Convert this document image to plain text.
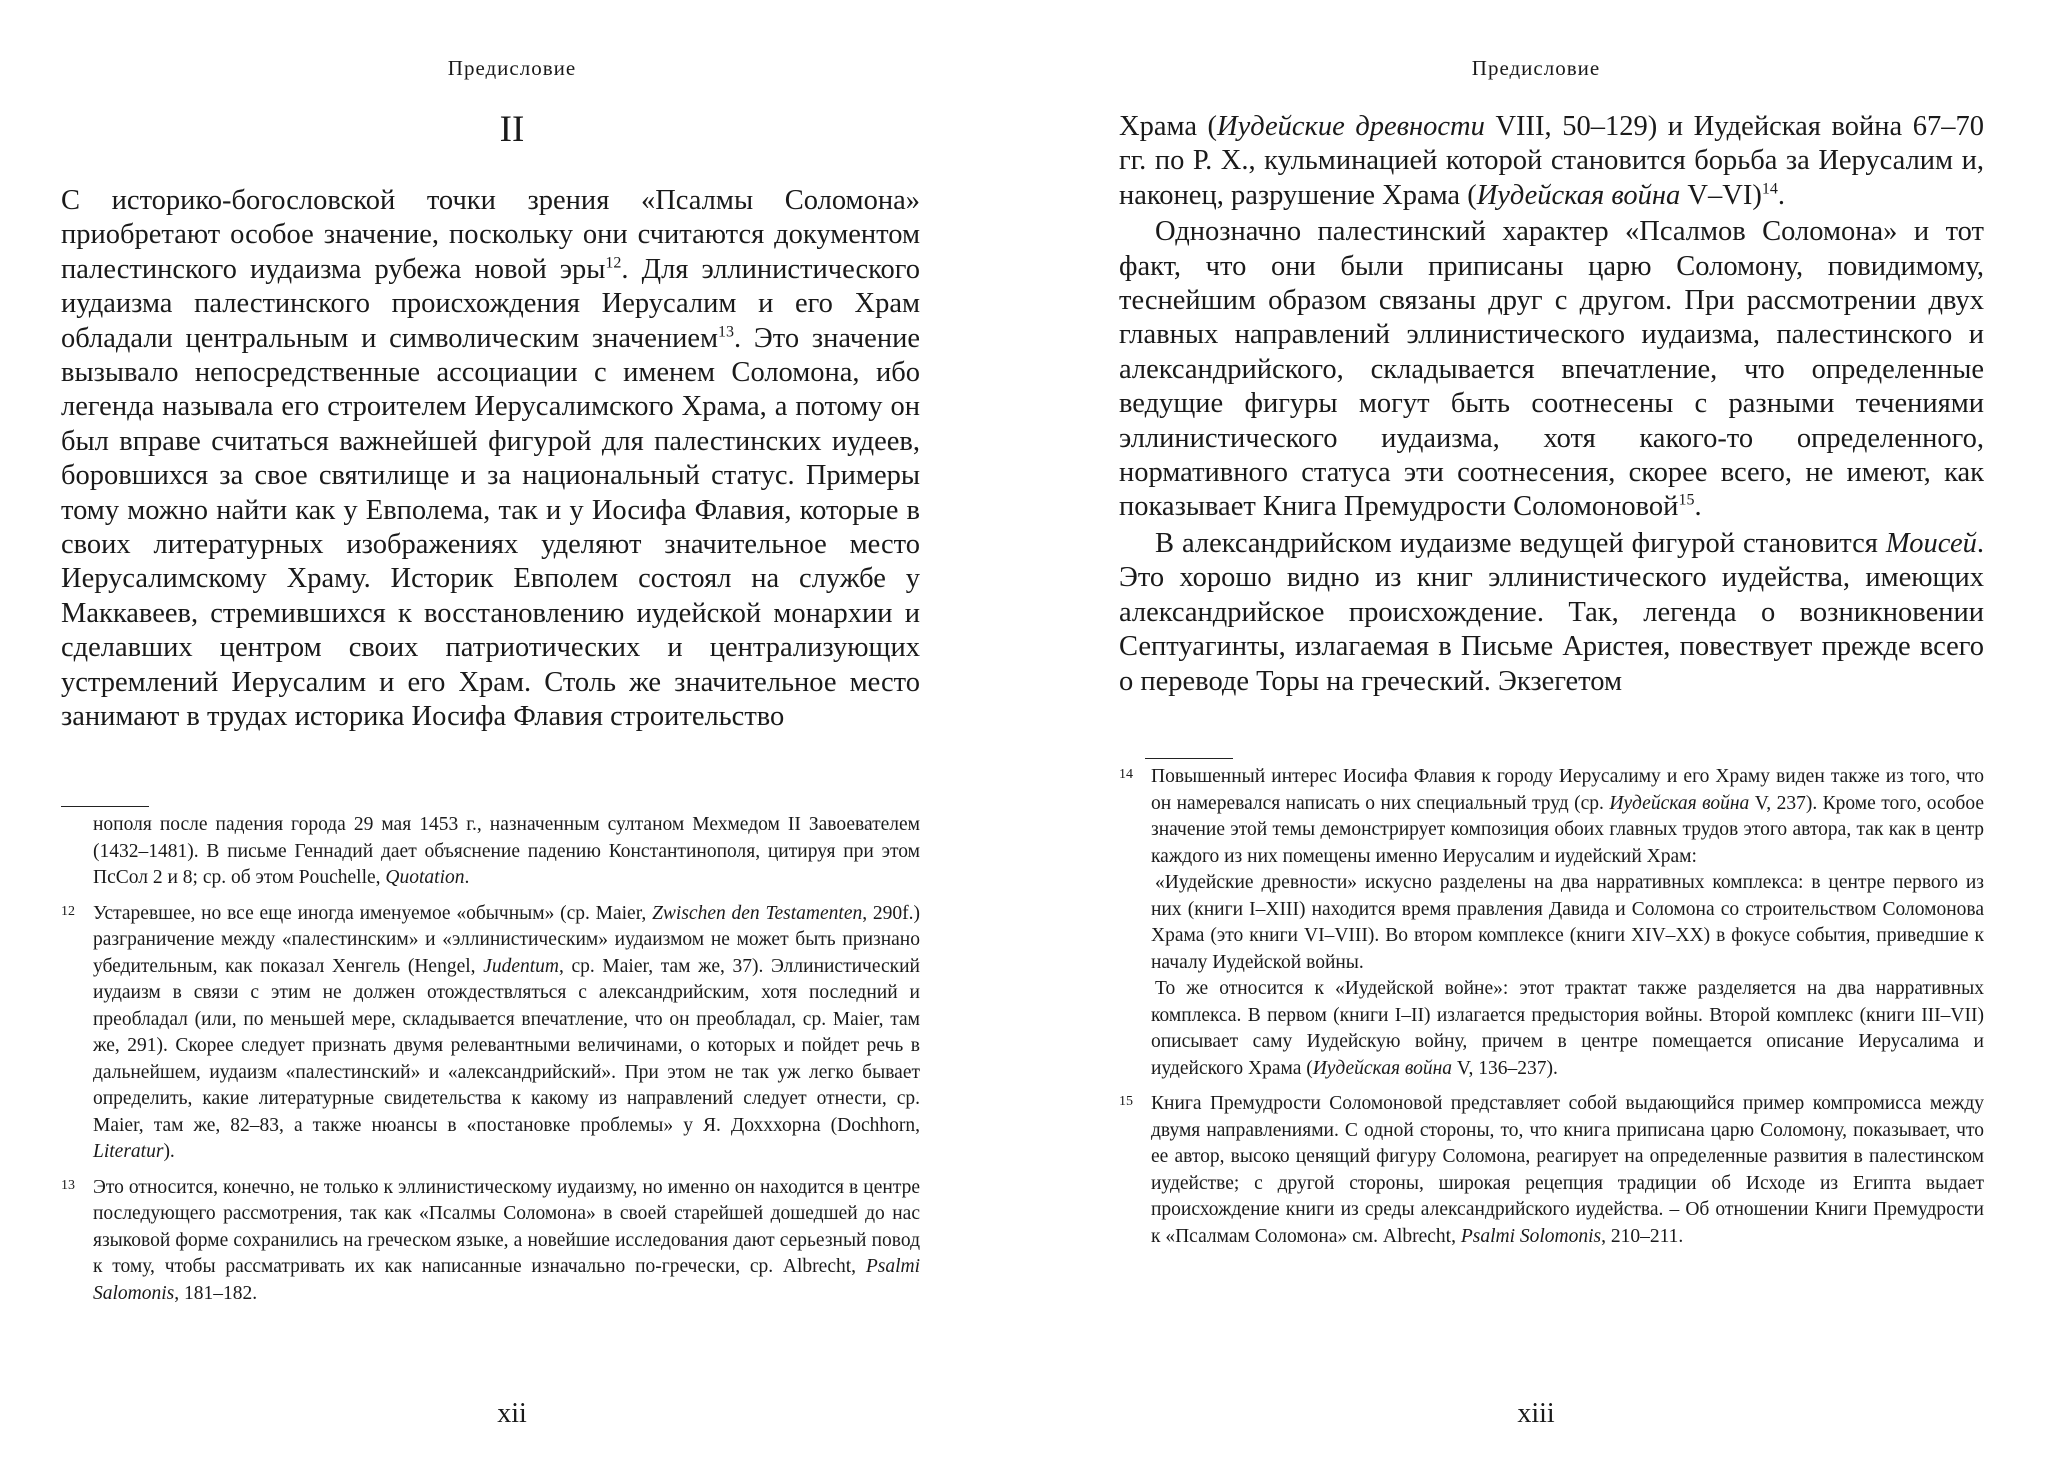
Предисловие
II

С историко-богословской точки зрения «Псалмы Соломона» приобретают особое значение, поскольку они считаются документом палестинского иудаизма рубежа новой эры$^{12}$. Для эллинистического иудаизма палестинского происхождения Иерусалим и его Храм обладали центральным и символическим значением$^{13}$. Это значение вызывало непосредственные ассоциации с именем Соломона, ибо легенда называла его строителем Иерусалимского Храма, а потому он был вправе считаться важнейшей фигурой для палестинских иудеев, боровшихся за свое святилище и за национальный статус. Примеры тому можно найти как у Евполема, так и у Иосифа Флавия, которые в своих литературных изображениях уделяют значительное место Иерусалимскому Храму. Историк Евполем состоял на службе у Маккавеев, стремившихся к восстановлению иудейской монархии и сделавших центром своих патриотических и централизующих устремлений Иерусалим и его Храм. Столь же значительное место занимают в трудах историка Иосифа Флавия строительство

нополя после падения города 29 мая 1453 г., назначенным султаном Мехмедом II Завоевателем (1432–1481). В письме Геннадий дает объяснение падению Константинополя, цитируя при этом ПсСол 2 и 8; ср. об этом Pouchelle, Quotation.

12 Устаревшее, но все еще иногда именуемое «обычным» (ср. Maier, Zwischen den Testamenten, 290f.) разграничение между «палестинским» и «эллинистическим» иудаизмом не может быть признано убедительным, как показал Хенгель (Hengel, Judentum, ср. Maier, там же, 37). Эллинистический иудаизм в связи с этим не должен отождествляться с александрийским, хотя последний и преобладал (или, по меньшей мере, складывается впечатление, что он преобладал, ср. Maier, там же, 291). Скорее следует признать двумя релевантными величинами, о которых и пойдет речь в дальнейшем, иудаизм «палестинский» и «александрийский». При этом не так уж легко бывает определить, какие литературные свидетельства к какому из направлений следует отнести, ср. Maier, там же, 82–83, а также нюансы в «постановке проблемы» у Я. Дохххорна (Dochhorn, Literatur).

13 Это относится, конечно, не только к эллинистическому иудаизму, но именно он находится в центре последующего рассмотрения, так как «Псалмы Соломона» в своей старейшей дошедшей до нас языковой форме сохранились на греческом языке, а новейшие исследования дают серьезный повод к тому, чтобы рассматривать их как написанные изначально по-гречески, ср. Albrecht, Psalmi Salomonis, 181–182.

xii
Предисловие

Храма (Иудейские древности VIII, 50–129) и Иудейская война 67–70 гг. по Р. Х., кульминацией которой становится борьба за Иерусалим и, наконец, разрушение Храма (Иудейская война V–VI)$^{14}$.

Однозначно палестинский характер «Псалмов Соломона» и тот факт, что они были приписаны царю Соломону, повидимому, теснейшим образом связаны друг с другом. При рассмотрении двух главных направлений эллинистического иудаизма, палестинского и александрийского, складывается впечатление, что определенные ведущие фигуры могут быть соотнесены с разными течениями эллинистического иудаизма, хотя какого-то определенного, нормативного статуса эти соотнесения, скорее всего, не имеют, как показывает Книга Премудрости Соломоновой$^{15}$.

В александрийском иудаизме ведущей фигурой становится Моисей. Это хорошо видно из книг эллинистического иудейства, имеющих александрийское происхождение. Так, легенда о возникновении Септуагинты, излагаемая в Письме Аристея, повествует прежде всего о переводе Торы на греческий. Экзегетом

14 Повышенный интерес Иосифа Флавия к городу Иерусалиму и его Храму виден также из того, что он намеревался написать о них специальный труд (ср. Иудейская война V, 237). Кроме того, особое значение этой темы демонстрирует композиция обоих главных трудов этого автора, так как в центр каждого из них помещены именно Иерусалим и иудейский Храм:

«Иудейские древности» искусно разделены на два нарративных комплекса: в центре первого из них (книги I–XIII) находится время правления Давида и Соломона со строительством Соломонова Храма (это книги VI–VIII). Во втором комплексе (книги XIV–XX) в фокусе события, приведшие к началу Иудейской войны.

То же относится к «Иудейской войне»: этот трактат также разделяется на два нарративных комплекса. В первом (книги I–II) излагается предыстория войны. Второй комплекс (книги III–VII) описывает саму Иудейскую войну, причем в центре помещается описание Иерусалима и иудейского Храма (Иудейская война V, 136–237).

15 Книга Премудрости Соломоновой представляет собой выдающийся пример компромисса между двумя направлениями. С одной стороны, то, что книга приписана царю Соломону, показывает, что ее автор, высоко ценящий фигуру Соломона, реагирует на определенные развития в палестинском иудействе; с другой стороны, широкая рецепция традиции об Исходе из Египта выдает происхождение книги из среды александрийского иудейства. – Об отношении Книги Премудрости к «Псалмам Соломона» см. Albrecht, Psalmi Solomonis, 210–211.

xiii
